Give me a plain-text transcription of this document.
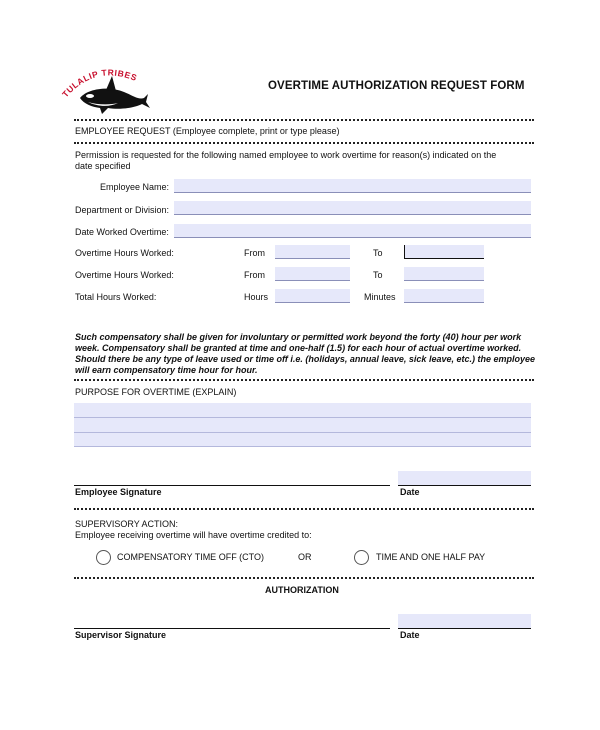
TULALIP TRIBES
OVERTIME AUTHORIZATION REQUEST FORM
EMPLOYEE REQUEST (Employee complete, print or type please)
Permission is requested for the following named employee to work overtime for reason(s) indicated on the
date specified
Employee Name:
Department or Division:
Date Worked Overtime:
Overtime Hours Worked:	From	To
Overtime Hours Worked:	From	To
Total Hours Worked:	Hours	Minutes
Such compensatory shall be given for involuntary or permitted work beyond the forty (40) hour per work
week. Compensatory shall be granted at time and one-half (1.5) for each hour of actual overtime worked.
Should there be any type of leave used or time off i.e. (holidays, annual leave, sick leave, etc.) the employee
will earn compensatory time hour for hour.
PURPOSE FOR OVERTIME (EXPLAIN)
Employee Signature	Date
SUPERVISORY ACTION:
Employee receiving overtime will have overtime credited to:
COMPENSATORY TIME OFF (CTO)	OR	TIME AND ONE HALF PAY
AUTHORIZATION
Supervisor Signature	Date
